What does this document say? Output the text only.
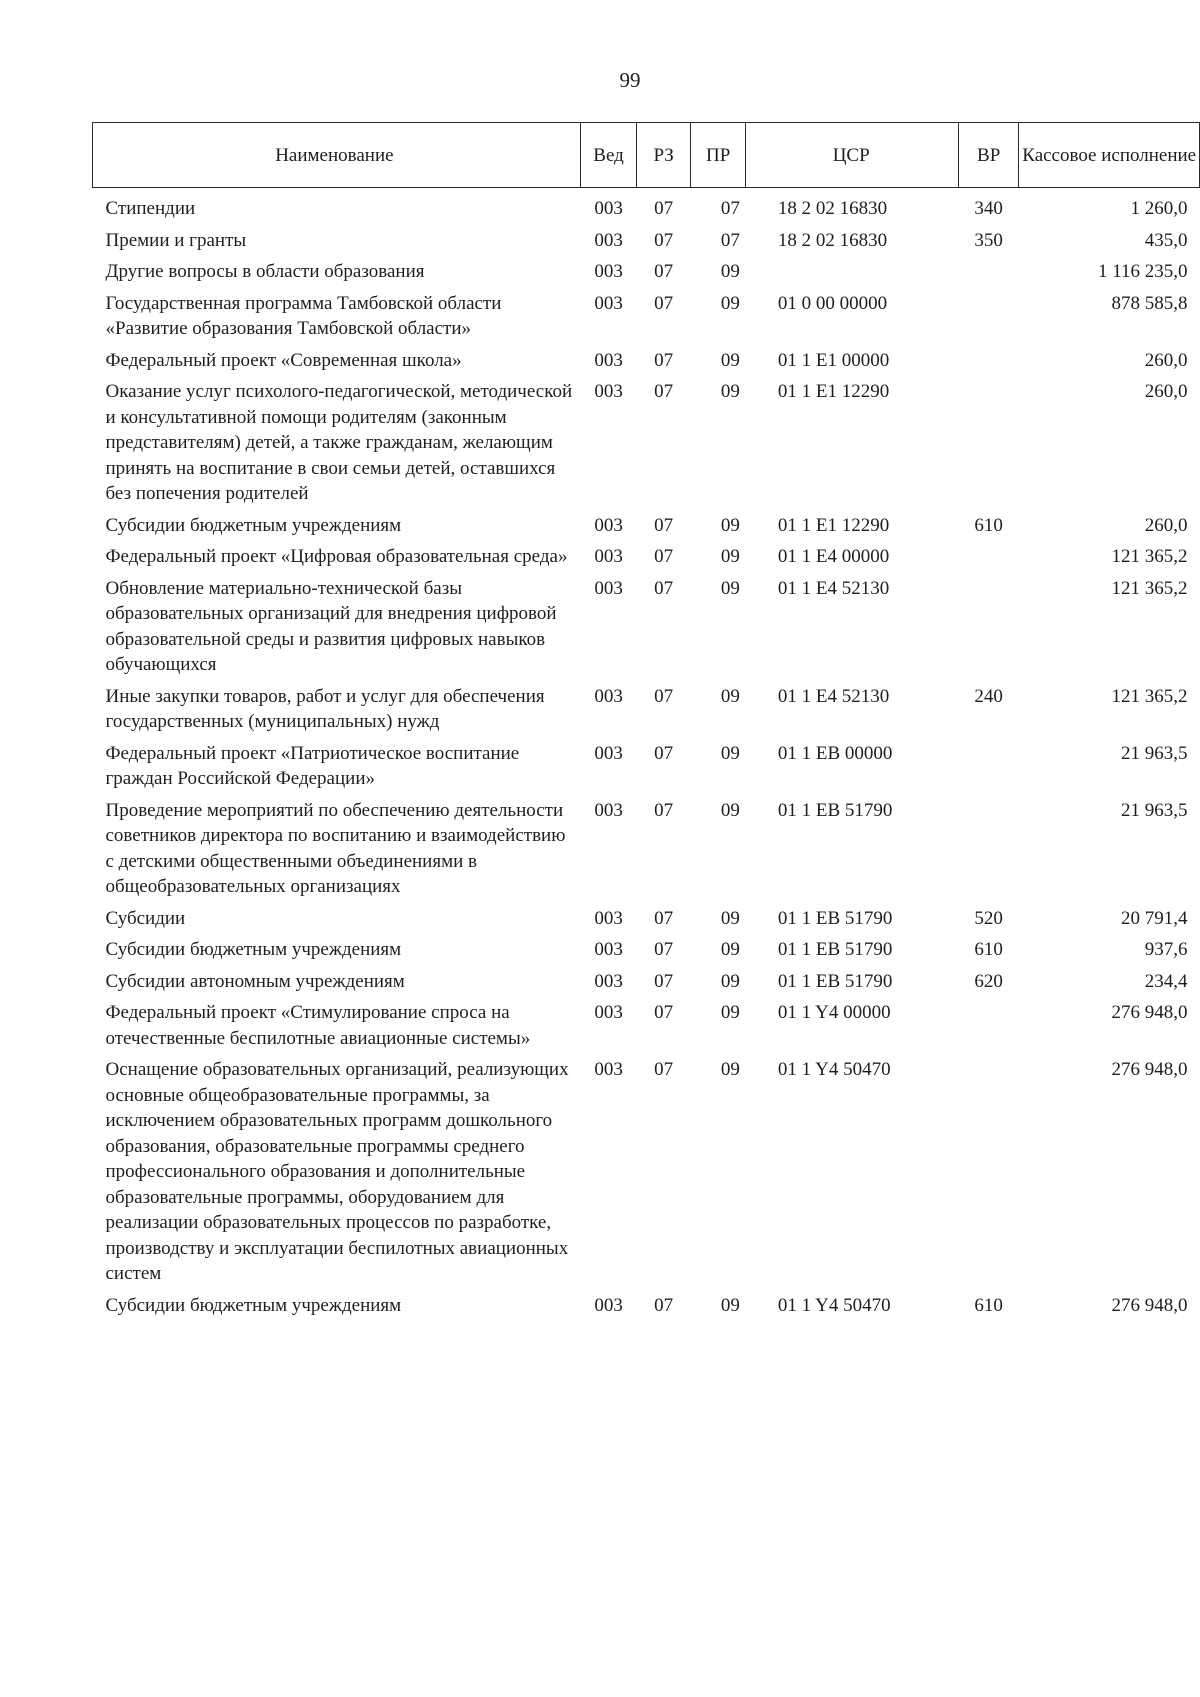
99
Наименование	Вед	РЗ	ПР	ЦСР	ВР	Кассовое исполнение

Стипендии	003	07	07	18 2 02 16830	340	1 260,0
Премии и гранты	003	07	07	18 2 02 16830	350	435,0
Другие вопросы в области образования	003	07	09			1 116 235,0
Государственная программа Тамбовской области «Развитие образования Тамбовской области»	003	07	09	01 0 00 00000		878 585,8
Федеральный проект «Современная школа»	003	07	09	01 1 E1 00000		260,0
Оказание услуг психолого-педагогической, методической и консультативной помощи родителям (законным представителям) детей, а также гражданам, желающим принять на воспитание в свои семьи детей, оставшихся без попечения родителей	003	07	09	01 1 E1 12290		260,0
Субсидии бюджетным учреждениям	003	07	09	01 1 E1 12290	610	260,0
Федеральный проект «Цифровая образовательная среда»	003	07	09	01 1 E4 00000		121 365,2
Обновление материально-технической базы образовательных организаций для внедрения цифровой образовательной среды и развития цифровых навыков обучающихся	003	07	09	01 1 E4 52130		121 365,2
Иные закупки товаров, работ и услуг для обеспечения государственных (муниципальных) нужд	003	07	09	01 1 E4 52130	240	121 365,2
Федеральный проект «Патриотическое воспитание граждан Российской Федерации»	003	07	09	01 1 EB 00000		21 963,5
Проведение мероприятий по обеспечению деятельности советников директора по воспитанию и взаимодействию с детскими общественными объединениями в общеобразовательных организациях	003	07	09	01 1 EB 51790		21 963,5
Субсидии	003	07	09	01 1 EB 51790	520	20 791,4
Субсидии бюджетным учреждениям	003	07	09	01 1 EB 51790	610	937,6
Субсидии автономным учреждениям	003	07	09	01 1 EB 51790	620	234,4
Федеральный проект «Стимулирование спроса на отечественные беспилотные авиационные системы»	003	07	09	01 1 Y4 00000		276 948,0
Оснащение образовательных организаций, реализующих основные общеобразовательные программы, за исключением образовательных программ дошкольного образования, образовательные программы среднего профессионального образования и дополнительные образовательные программы, оборудованием для реализации образовательных процессов по разработке, производству и эксплуатации беспилотных авиационных систем	003	07	09	01 1 Y4 50470		276 948,0
Субсидии бюджетным учреждениям	003	07	09	01 1 Y4 50470	610	276 948,0
